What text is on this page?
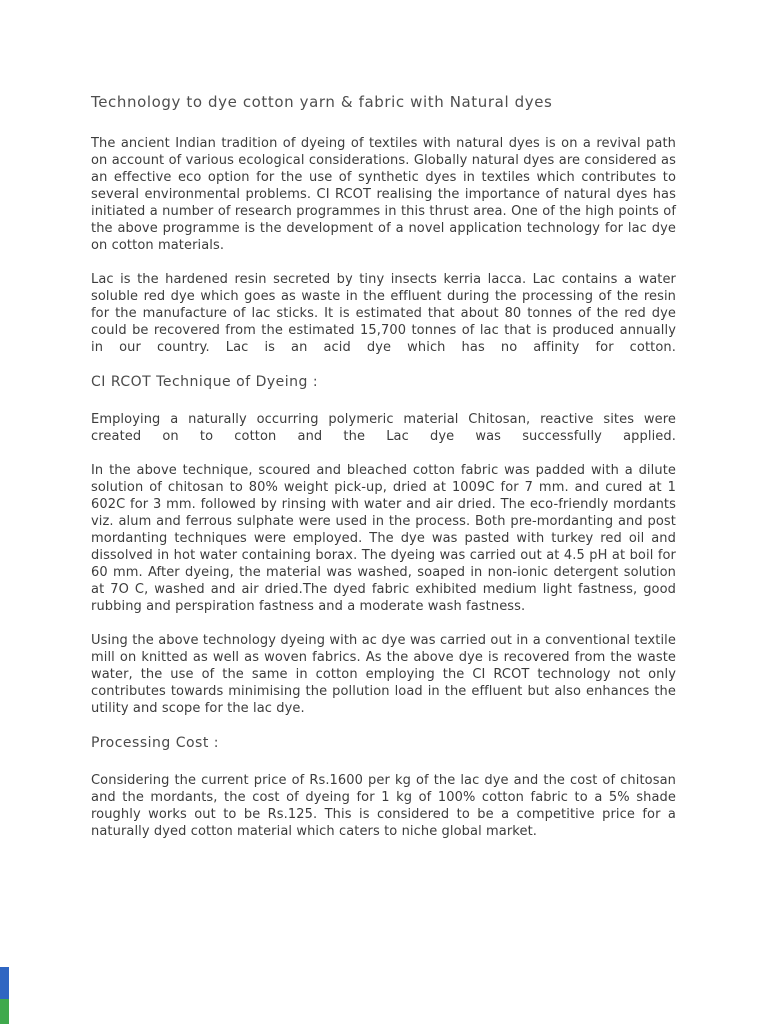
Technology to dye cotton yarn & fabric with Natural dyes

The ancient Indian tradition of dyeing of textiles with natural dyes is on a revival path on account of various ecological considerations. Globally natural dyes are considered as an effective eco option for the use of synthetic dyes in textiles which contributes to several environmental problems. CI RCOT realising the importance of natural dyes has initiated a number of research programmes in this thrust area. One of the high points of the above programme is the development of a novel application technology for lac dye on cotton materials.

Lac is the hardened resin secreted by tiny insects kerria lacca. Lac contains a water soluble red dye which goes as waste in the effluent during the processing of the resin for the manufacture of lac sticks. It is estimated that about 80 tonnes of the red dye could be recovered from the estimated 15,700 tonnes of lac that is produced annually in our country. Lac is an acid dye which has no affinity for cotton.

CI RCOT Technique of Dyeing :

Employing a naturally occurring polymeric material Chitosan, reactive sites were created on to cotton and the Lac dye was successfully applied.

In the above technique, scoured and bleached cotton fabric was padded with a dilute solution of chitosan to 80% weight pick-up, dried at 1009C for 7 mm. and cured at 1 602C for 3 mm. followed by rinsing with water and air dried. The eco-friendly mordants viz. alum and ferrous sulphate were used in the process. Both pre-mordanting and post mordanting techniques were employed. The dye was pasted with turkey red oil and dissolved in hot water containing borax. The dyeing was carried out at 4.5 pH at boil for 60 mm. After dyeing, the material was washed, soaped in non-ionic detergent solution at 7O C, washed and air dried.The dyed fabric exhibited medium light fastness, good rubbing and perspiration fastness and a moderate wash fastness.

Using the above technology dyeing with ac dye was carried out in a conventional textile mill on knitted as well as woven fabrics. As the above dye is recovered from the waste water, the use of the same in cotton employing the CI RCOT technology not only contributes towards minimising the pollution load in the effluent but also enhances the utility and scope for the lac dye.

Processing Cost :

Considering the current price of Rs.1600 per kg of the lac dye and the cost of chitosan and the mordants, the cost of dyeing for 1 kg of 100% cotton fabric to a 5% shade roughly works out to be Rs.125. This is considered to be a competitive price for a naturally dyed cotton material which caters to niche global market.
